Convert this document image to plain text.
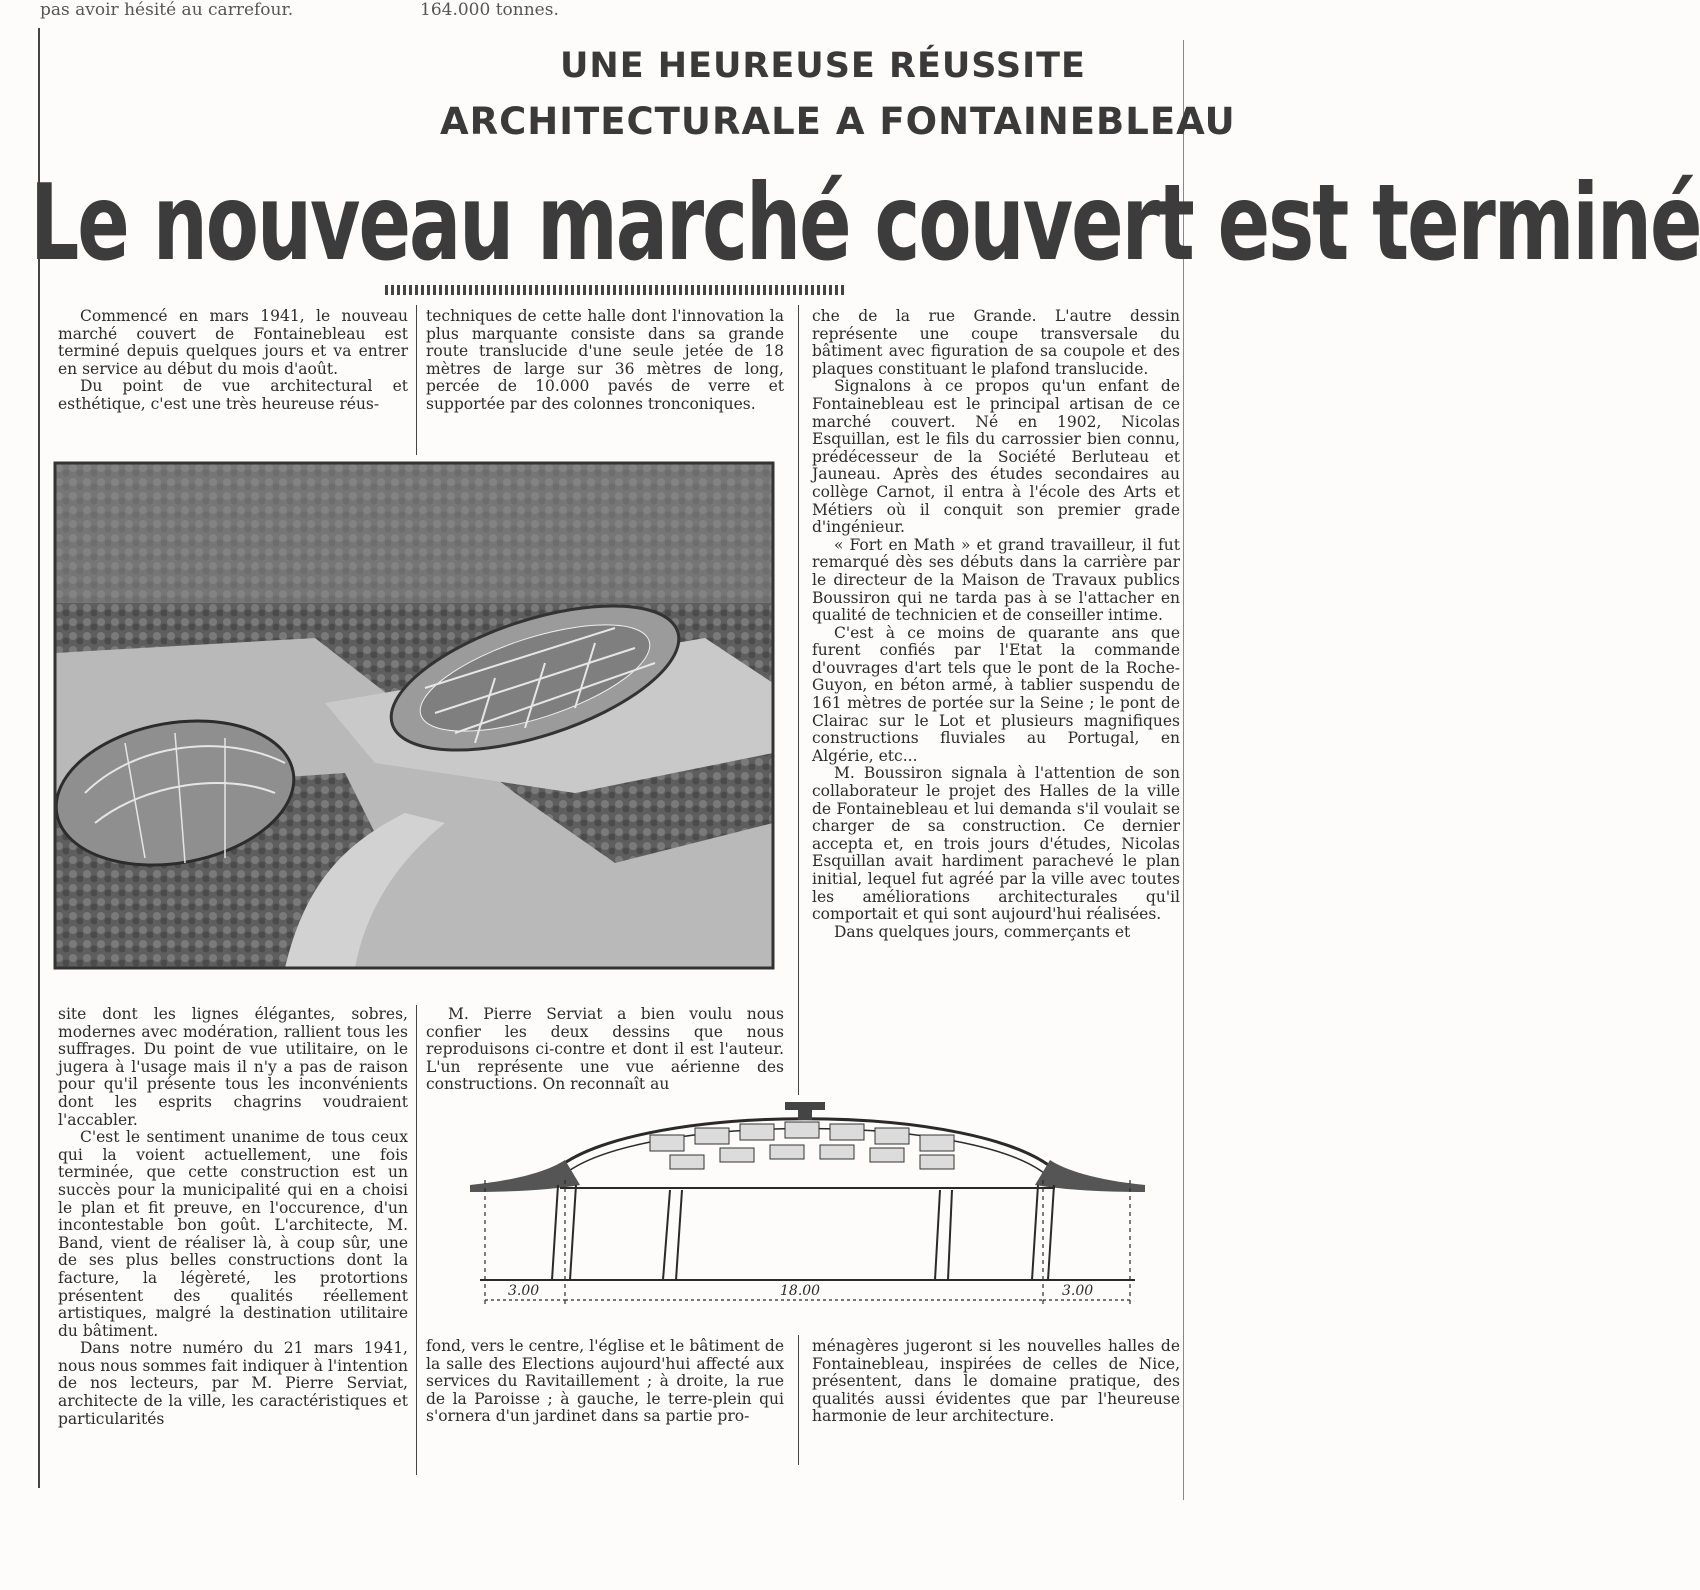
pas avoir hésité au carrefour.	164.000 tonnes.
UNE HEUREUSE RÉUSSITE
ARCHITECTURALE A FONTAINEBLEAU
Le nouveau marché couvert est terminé

Commencé en mars 1941, le nouveau marché couvert de Fontainebleau est terminé depuis quelques jours et va entrer en service au début du mois d'août.

Du point de vue architectural et esthétique, c'est une très heureuse réus-

techniques de cette halle dont l'innovation la plus marquante consiste dans sa grande route translucide d'une seule jetée de 18 mètres de large sur 36 mètres de long, percée de 10.000 pavés de verre et supportée par des colonnes tronconiques.

che de la rue Grande. L'autre dessin représente une coupe transversale du bâtiment avec figuration de sa coupole et des plaques constituant le plafond translucide.

Signalons à ce propos qu'un enfant de Fontainebleau est le principal artisan de ce marché couvert. Né en 1902, Nicolas Esquillan, est le fils du carrossier bien connu, prédécesseur de la Société Berluteau et Jauneau. Après des études secondaires au collège Carnot, il entra à l'école des Arts et Métiers où il conquit son premier grade d'ingénieur.

« Fort en Math » et grand travailleur, il fut remarqué dès ses débuts dans la carrière par le directeur de la Maison de Travaux publics Boussiron qui ne tarda pas à se l'attacher en qualité de technicien et de conseiller intime.

C'est à ce moins de quarante ans que furent confiés par l'Etat la commande d'ouvrages d'art tels que le pont de la Roche-Guyon, en béton armé, à tablier suspendu de 161 mètres de portée sur la Seine ; le pont de Clairac sur le Lot et plusieurs magnifiques constructions fluviales au Portugal, en Algérie, etc...

M. Boussiron signala à l'attention de son collaborateur le projet des Halles de la ville de Fontainebleau et lui demanda s'il voulait se charger de sa construction. Ce dernier accepta et, en trois jours d'études, Nicolas Esquillan avait hardiment parachevé le plan initial, lequel fut agréé par la ville avec toutes les améliorations architecturales qu'il comportait et qui sont aujourd'hui réalisées.

Dans quelques jours, commerçants et

site dont les lignes élégantes, sobres, modernes avec modération, rallient tous les suffrages. Du point de vue utilitaire, on le jugera à l'usage mais il n'y a pas de raison pour qu'il présente tous les inconvénients dont les esprits chagrins voudraient l'accabler.

C'est le sentiment unanime de tous ceux qui la voient actuellement, une fois terminée, que cette construction est un succès pour la municipalité qui en a choisi le plan et fit preuve, en l'occurence, d'un incontestable bon goût. L'architecte, M. Band, vient de réaliser là, à coup sûr, une de ses plus belles constructions dont la facture, la légèreté, les protortions présentent des qualités réellement artistiques, malgré la destination utilitaire du bâtiment.

Dans notre numéro du 21 mars 1941, nous nous sommes fait indiquer à l'intention de nos lecteurs, par M. Pierre Serviat, architecte de la ville, les caractéristiques et particularités

M. Pierre Serviat a bien voulu nous confier les deux dessins que nous reproduisons ci-contre et dont il est l'auteur. L'un représente une vue aérienne des constructions. On reconnaît au

3.00	18.00	3.00

fond, vers le centre, l'église et le bâtiment de la salle des Elections aujourd'hui affecté aux services du Ravitaillement ; à droite, la rue de la Paroisse ; à gauche, le terre-plein qui s'ornera d'un jardinet dans sa partie pro-

ménagères jugeront si les nouvelles halles de Fontainebleau, inspirées de celles de Nice, présentent, dans le domaine pratique, des qualités aussi évidentes que par l'heureuse harmonie de leur architecture.
